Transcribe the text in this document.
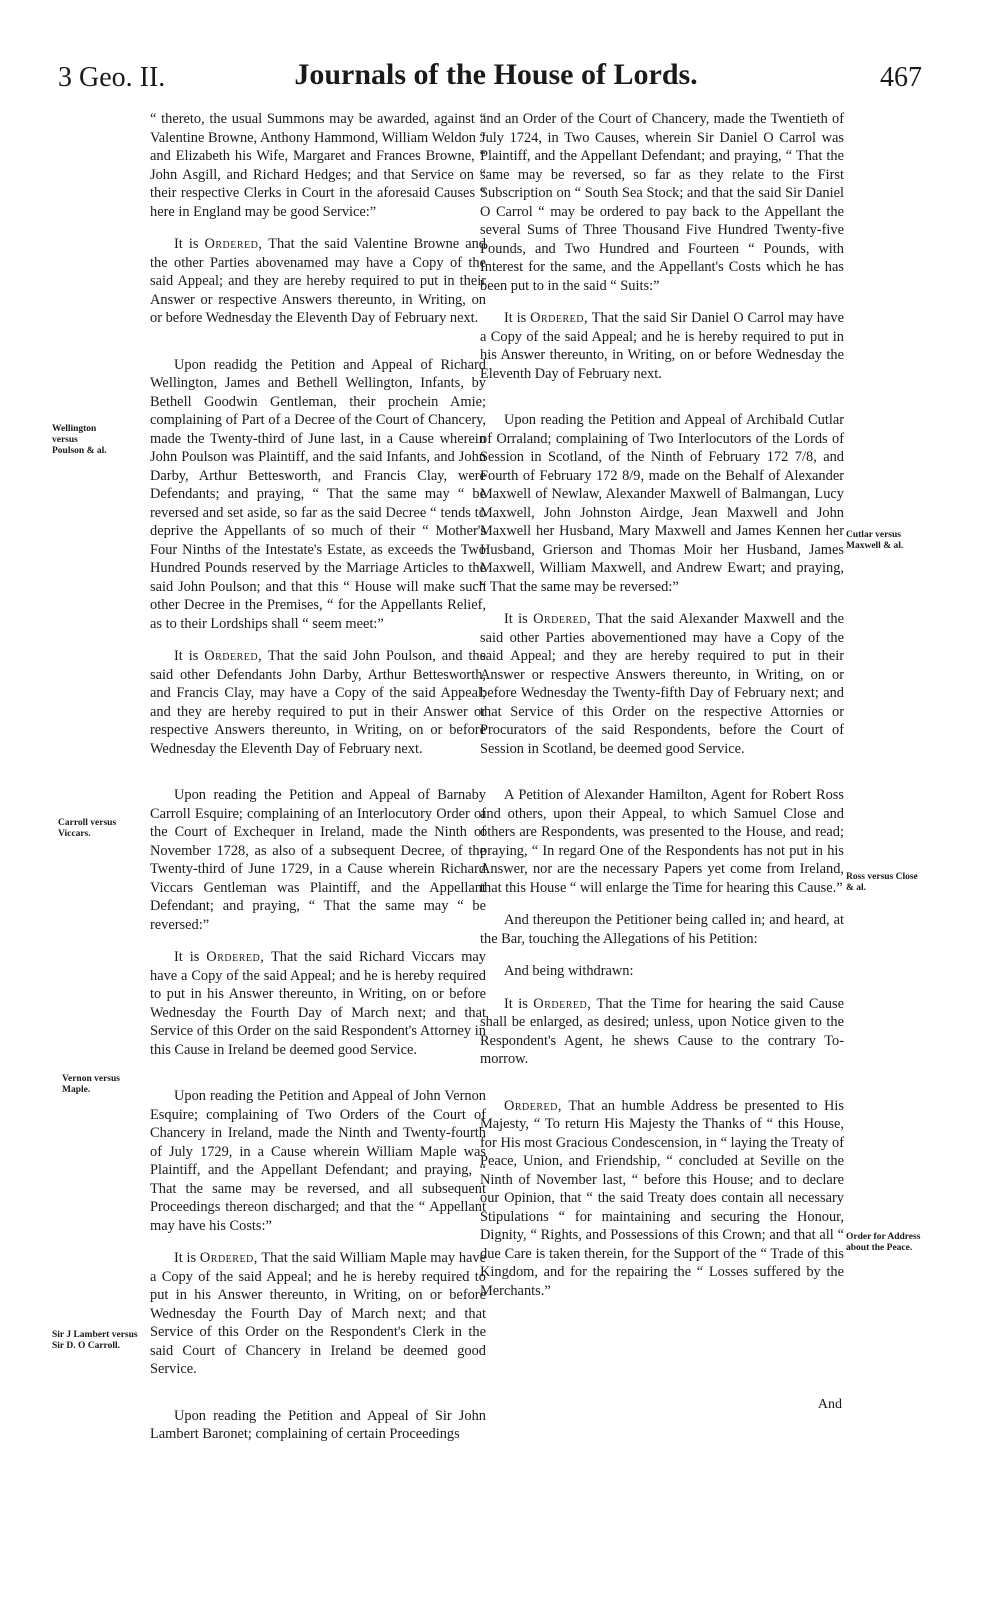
3 Geo. II.	Journals of the House of Lords.	467
Wellington versus Poulson & al.
Carroll versus Viccars.
Vernon versus Maple.
Sir J Lambert versus Sir D. O Carroll.
Cutlar versus Maxwell & al.
Ross versus Close & al.
Order for Address about the Peace.

“ thereto, the usual Summons may be awarded, against “ Valentine Browne, Anthony Hammond, William Weldon “ and Elizabeth his Wife, Margaret and Frances Browne, “ John Asgill, and Richard Hedges; and that Service on “ their respective Clerks in Court in the aforesaid Causes “ here in England may be good Service:”

It is Ordered, That the said Valentine Browne and the other Parties abovenamed may have a Copy of the said Appeal; and they are hereby required to put in their Answer or respective Answers thereunto, in Writing, on or before Wednesday the Eleventh Day of February next.

Upon readidg the Petition and Appeal of Richard Wellington, James and Bethell Wellington, Infants, by Bethell Goodwin Gentleman, their prochein Amie; complaining of Part of a Decree of the Court of Chancery, made the Twenty-third of June last, in a Cause wherein John Poulson was Plaintiff, and the said Infants, and John Darby, Arthur Bettesworth, and Francis Clay, were Defendants; and praying, “ That the same may “ be reversed and set aside, so far as the said Decree “ tends to deprive the Appellants of so much of their “ Mother's Four Ninths of the Intestate's Estate, as exceeds the Two Hundred Pounds reserved by the Marriage Articles to the said John Poulson; and that this “ House will make such other Decree in the Premises, “ for the Appellants Relief, as to their Lordships shall “ seem meet:”

It is Ordered, That the said John Poulson, and the said other Defendants John Darby, Arthur Bettesworth, and Francis Clay, may have a Copy of the said Appeal; and they are hereby required to put in their Answer or respective Answers thereunto, in Writing, on or before Wednesday the Eleventh Day of February next.

Upon reading the Petition and Appeal of Barnaby Carroll Esquire; complaining of an Interlocutory Order of the Court of Exchequer in Ireland, made the Ninth of November 1728, as also of a subsequent Decree, of the Twenty-third of June 1729, in a Cause wherein Richard Viccars Gentleman was Plaintiff, and the Appellant Defendant; and praying, “ That the same may “ be reversed:”

It is Ordered, That the said Richard Viccars may have a Copy of the said Appeal; and he is hereby required to put in his Answer thereunto, in Writing, on or before Wednesday the Fourth Day of March next; and that Service of this Order on the said Respondent's Attorney in this Cause in Ireland be deemed good Service.

Upon reading the Petition and Appeal of John Vernon Esquire; complaining of Two Orders of the Court of Chancery in Ireland, made the Ninth and Twenty-fourth of July 1729, in a Cause wherein William Maple was Plaintiff, and the Appellant Defendant; and praying, “ That the same may be reversed, and all subsequent Proceedings thereon discharged; and that the “ Appellant may have his Costs:”

It is Ordered, That the said William Maple may have a Copy of the said Appeal; and he is hereby required to put in his Answer thereunto, in Writing, on or before Wednesday the Fourth Day of March next; and that Service of this Order on the Respondent's Clerk in the said Court of Chancery in Ireland be deemed good Service.

Upon reading the Petition and Appeal of Sir John Lambert Baronet; complaining of certain Proceedings

and an Order of the Court of Chancery, made the Twentieth of July 1724, in Two Causes, wherein Sir Daniel O Carrol was Plaintiff, and the Appellant Defendant; and praying, “ That the same may be reversed, so far as they relate to the First Subscription on “ South Sea Stock; and that the said Sir Daniel O Carrol “ may be ordered to pay back to the Appellant the several Sums of Three Thousand Five Hundred Twenty-five Pounds, and Two Hundred and Fourteen “ Pounds, with Interest for the same, and the Appellant's Costs which he has been put to in the said “ Suits:”

It is Ordered, That the said Sir Daniel O Carrol may have a Copy of the said Appeal; and he is hereby required to put in his Answer thereunto, in Writing, on or before Wednesday the Eleventh Day of February next.

Upon reading the Petition and Appeal of Archibald Cutlar of Orraland; complaining of Two Interlocutors of the Lords of Session in Scotland, of the Ninth of February 172 7/8, and Fourth of February 172 8/9, made on the Behalf of Alexander Maxwell of Newlaw, Alexander Maxwell of Balmangan, Lucy Maxwell, John Johnston Airdge, Jean Maxwell and John Maxwell her Husband, Mary Maxwell and James Kennen her Husband, Grierson and Thomas Moir her Husband, James Maxwell, William Maxwell, and Andrew Ewart; and praying, “ That the same may be reversed:”

It is Ordered, That the said Alexander Maxwell and the said other Parties abovementioned may have a Copy of the said Appeal; and they are hereby required to put in their Answer or respective Answers thereunto, in Writing, on or before Wednesday the Twenty-fifth Day of February next; and that Service of this Order on the respective Attornies or Procurators of the said Respondents, before the Court of Session in Scotland, be deemed good Service.

A Petition of Alexander Hamilton, Agent for Robert Ross and others, upon their Appeal, to which Samuel Close and others are Respondents, was presented to the House, and read; praying, “ In regard One of the Respondents has not put in his Answer, nor are the necessary Papers yet come from Ireland, that this House “ will enlarge the Time for hearing this Cause.”

And thereupon the Petitioner being called in; and heard, at the Bar, touching the Allegations of his Petition:

And being withdrawn:

It is Ordered, That the Time for hearing the said Cause shall be enlarged, as desired; unless, upon Notice given to the Respondent's Agent, he shews Cause to the contrary To-morrow.

Ordered, That an humble Address be presented to His Majesty, “ To return His Majesty the Thanks of “ this House, for His most Gracious Condescension, in “ laying the Treaty of Peace, Union, and Friendship, “ concluded at Seville on the Ninth of November last, “ before this House; and to declare our Opinion, that “ the said Treaty does contain all necessary Stipulations “ for maintaining and securing the Honour, Dignity, “ Rights, and Possessions of this Crown; and that all “ due Care is taken therein, for the Support of the “ Trade of this Kingdom, and for the repairing the “ Losses suffered by the Merchants.”

And
